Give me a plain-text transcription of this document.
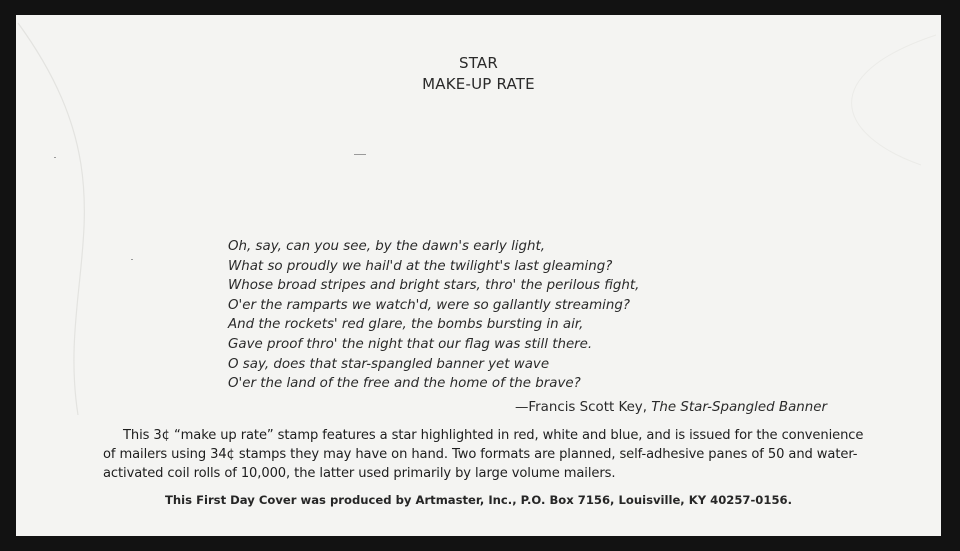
STAR
MAKE-UP RATE
Oh, say, can you see, by the dawn's early light,
What so proudly we hail'd at the twilight's last gleaming?
Whose broad stripes and bright stars, thro' the perilous fight,
O'er the ramparts we watch'd, were so gallantly streaming?
And the rockets' red glare, the bombs bursting in air,
Gave proof thro' the night that our flag was still there.
O say, does that star-spangled banner yet wave
O'er the land of the free and the home of the brave?
—Francis Scott Key, The Star-Spangled Banner
This 3¢ “make up rate” stamp features a star highlighted in red, white and blue, and is issued for the convenience of mailers using 34¢ stamps they may have on hand. Two formats are planned, self-adhesive panes of 50 and water-activated coil rolls of 10,000, the latter used primarily by large volume mailers.
This First Day Cover was produced by Artmaster, Inc., P.O. Box 7156, Louisville, KY 40257-0156.
